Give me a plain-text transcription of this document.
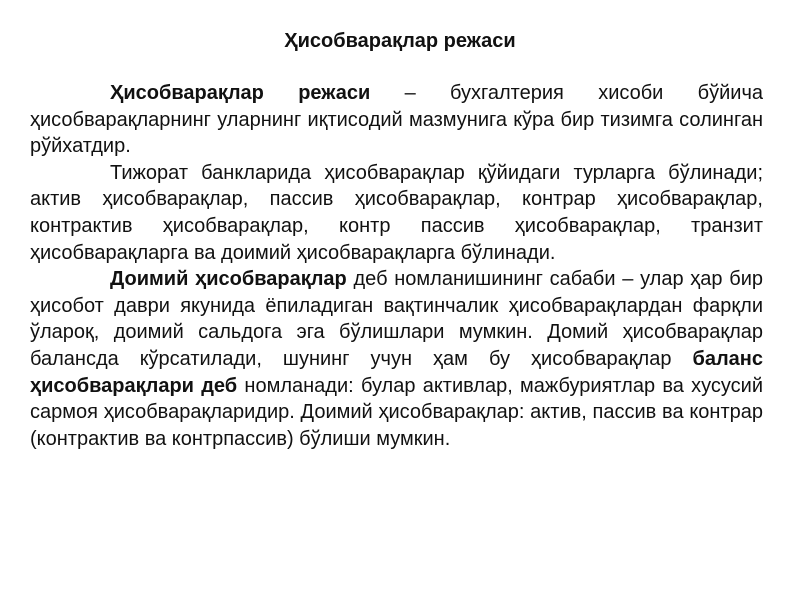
Ҳисобварақлар режаси

Ҳисобварақлар режаси – бухгалтерия хисоби бўйича ҳисобварақларнинг уларнинг иқтисодий мазмунига кўра бир тизимга солинган рўйхатдир.

Тижорат банкларида ҳисобварақлар қўйидаги турларга бўлинади; актив ҳисобварақлар, пассив ҳисобварақлар, контрар ҳисобварақлар, контрактив ҳисобварақлар, контр пассив ҳисобварақлар, транзит ҳисобварақларга ва доимий ҳисобварақларга бўлинади.

Доимий ҳисобварақлар деб номланишининг сабаби – улар ҳар бир ҳисобот даври якунида ёпиладиган вақтинчалик ҳисобварақлардан фарқли ўлароқ, доимий сальдога эга бўлишлари мумкин. Домий ҳисобварақлар балансда кўрсатилади, шунинг учун ҳам бу ҳисобварақлар баланс ҳисобварақлари деб номланади: булар активлар, мажбуриятлар ва хусусий сармоя ҳисобварақларидир. Доимий ҳисобварақлар: актив, пассив ва контрар (контрактив ва контрпассив) бўлиши мумкин.
